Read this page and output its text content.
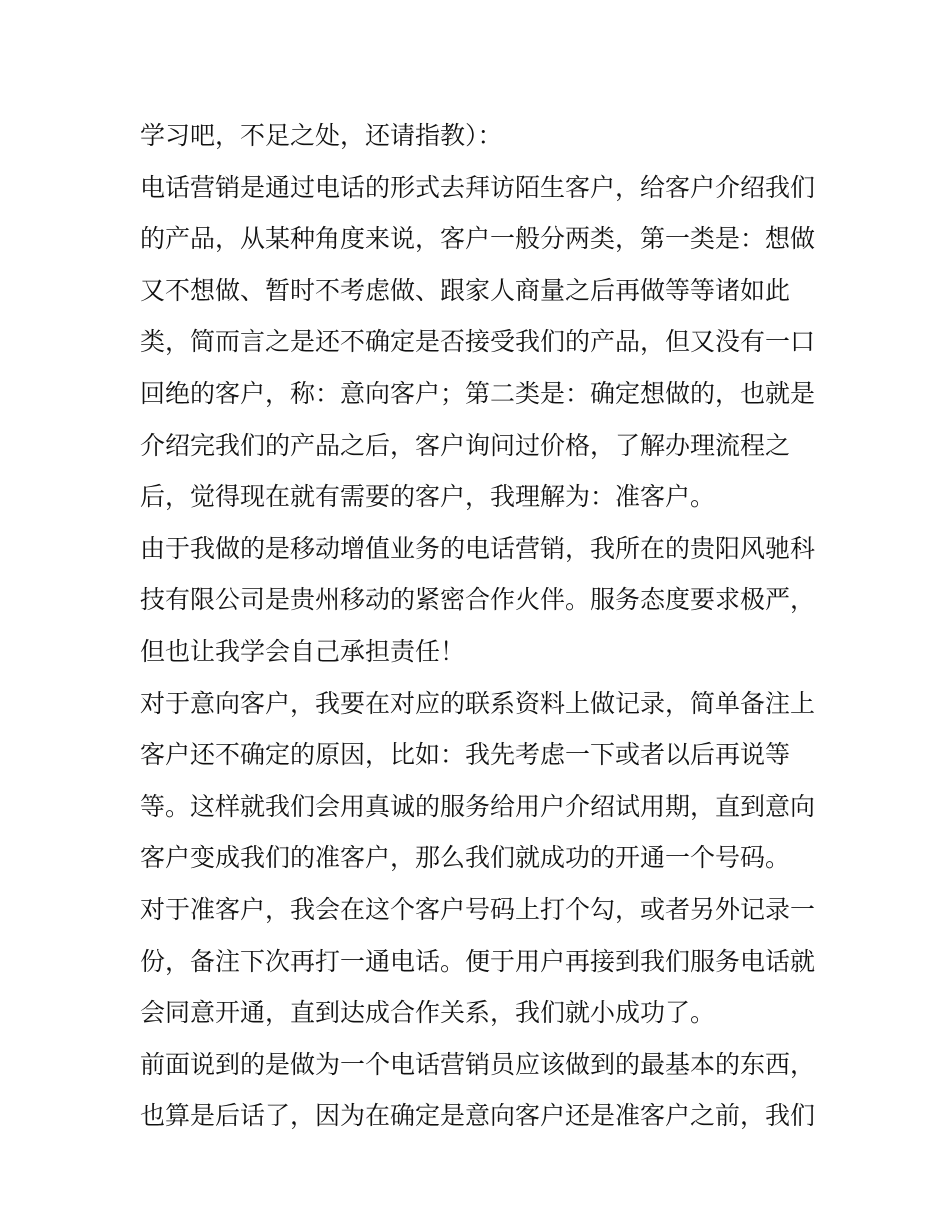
学习吧，不足之处，还请指教）：
电话营销是通过电话的形式去拜访陌生客户，给客户介绍我们
的产品，从某种角度来说，客户一般分两类，第一类是：想做
又不想做、暂时不考虑做、跟家人商量之后再做等等诸如此
类，简而言之是还不确定是否接受我们的产品，但又没有一口
回绝的客户，称：意向客户；第二类是：确定想做的，也就是
介绍完我们的产品之后，客户询问过价格，了解办理流程之
后，觉得现在就有需要的客户，我理解为：准客户。
由于我做的是移动增值业务的电话营销，我所在的贵阳风驰科
技有限公司是贵州移动的紧密合作火伴。服务态度要求极严，
但也让我学会自己承担责任！
对于意向客户，我要在对应的联系资料上做记录，简单备注上
客户还不确定的原因，比如：我先考虑一下或者以后再说等
等。这样就我们会用真诚的服务给用户介绍试用期，直到意向
客户变成我们的准客户，那么我们就成功的开通一个号码。
对于准客户，我会在这个客户号码上打个勾，或者另外记录一
份，备注下次再打一通电话。便于用户再接到我们服务电话就
会同意开通，直到达成合作关系，我们就小成功了。
前面说到的是做为一个电话营销员应该做到的最基本的东西，
也算是后话了，因为在确定是意向客户还是准客户之前，我们
